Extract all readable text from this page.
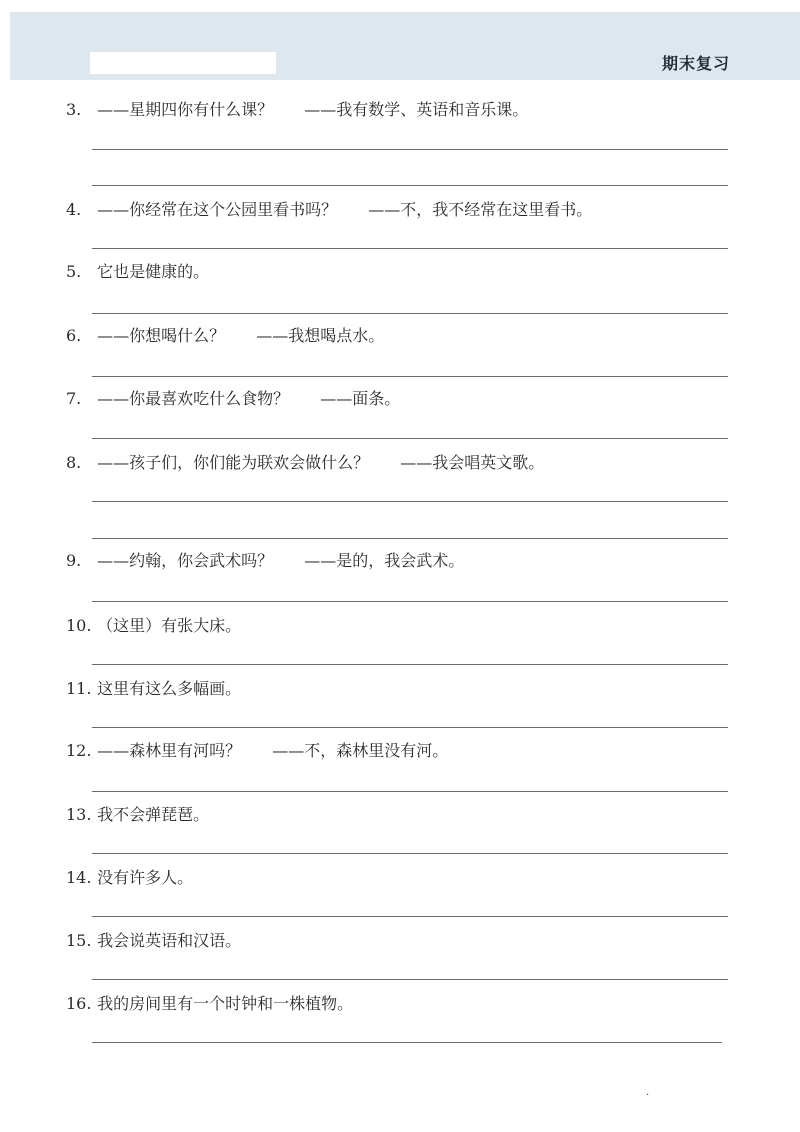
期末复习
3. ——星期四你有什么课？ ——我有数学、英语和音乐课。
4. ——你经常在这个公园里看书吗？ ——不，我不经常在这里看书。
5. 它也是健康的。
6. ——你想喝什么？ ——我想喝点水。
7. ——你最喜欢吃什么食物？ ——面条。
8. ——孩子们，你们能为联欢会做什么？ ——我会唱英文歌。
9. ——约翰，你会武术吗？ ——是的，我会武术。
10. （这里）有张大床。
11. 这里有这么多幅画。
12. ——森林里有河吗？ ——不，森林里没有河。
13. 我不会弹琵琶。
14. 没有许多人。
15. 我会说英语和汉语。
16. 我的房间里有一个时钟和一株植物。
·
